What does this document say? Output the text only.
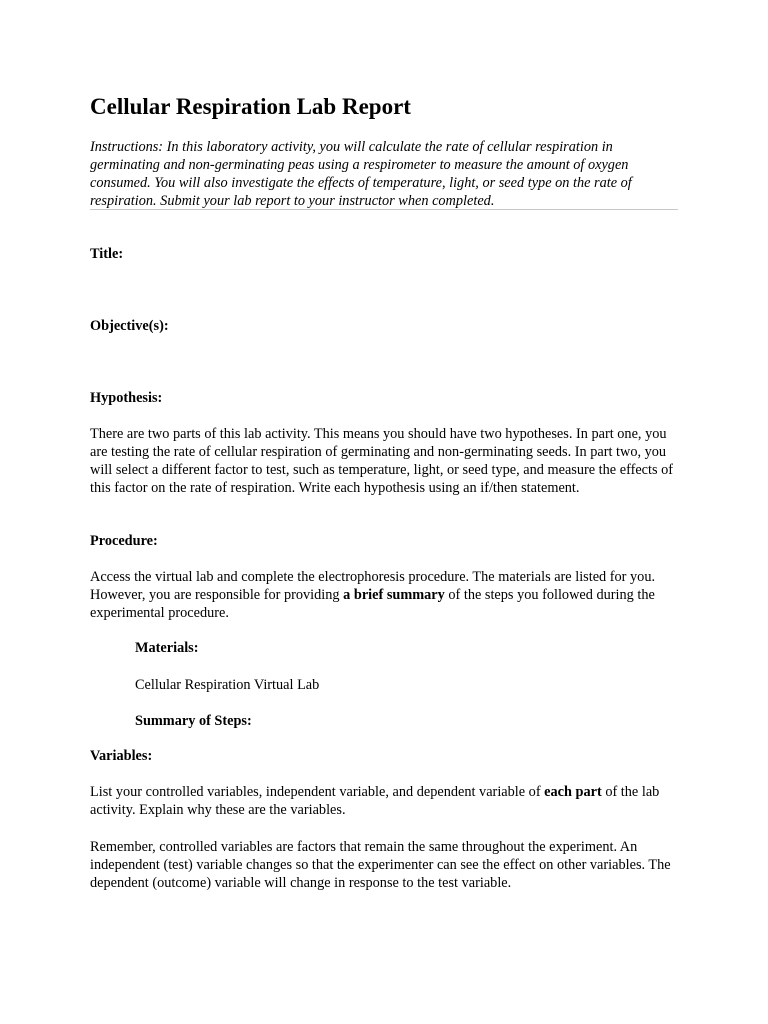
Cellular Respiration Lab Report

Instructions: In this laboratory activity, you will calculate the rate of cellular respiration in germinating and non-germinating peas using a respirometer to measure the amount of oxygen consumed. You will also investigate the effects of temperature, light, or seed type on the rate of respiration. Submit your lab report to your instructor when completed.

Title:

Objective(s):

Hypothesis:

There are two parts of this lab activity. This means you should have two hypotheses. In part one, you are testing the rate of cellular respiration of germinating and non-germinating seeds. In part two, you will select a different factor to test, such as temperature, light, or seed type, and measure the effects of this factor on the rate of respiration. Write each hypothesis using an if/then statement.

Procedure:

Access the virtual lab and complete the electrophoresis procedure. The materials are listed for you. However, you are responsible for providing a brief summary of the steps you followed during the experimental procedure.

Materials:

Cellular Respiration Virtual Lab

Summary of Steps:

Variables:

List your controlled variables, independent variable, and dependent variable of each part of the lab activity. Explain why these are the variables.

Remember, controlled variables are factors that remain the same throughout the experiment. An independent (test) variable changes so that the experimenter can see the effect on other variables. The dependent (outcome) variable will change in response to the test variable.
